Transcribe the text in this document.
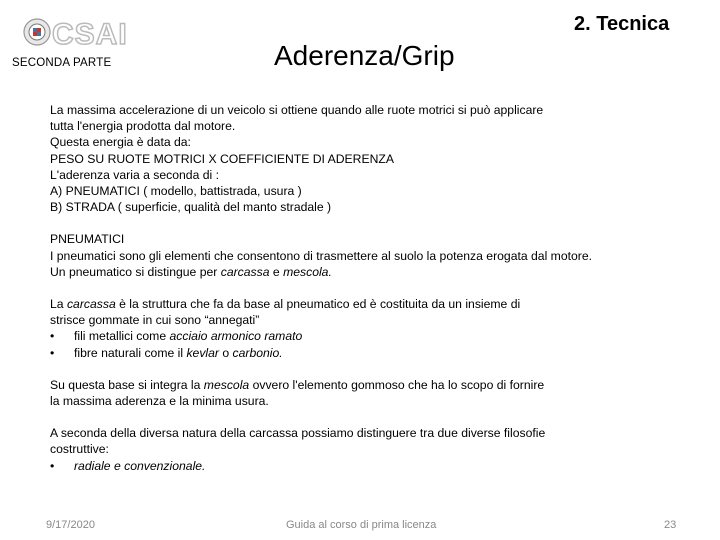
CSAI
SECONDA PARTE	Aderenza/Grip
2. Tecnica
La massima accelerazione di un veicolo si ottiene quando alle ruote motrici si può applicare
tutta l'energia prodotta dal motore.
Questa energia è data da:
PESO SU RUOTE MOTRICI X COEFFICIENTE DI ADERENZA
L'aderenza varia a seconda di :
A) PNEUMATICI ( modello, battistrada, usura )
B) STRADA ( superficie, qualità del manto stradale )
PNEUMATICI
I pneumatici sono gli elementi che consentono di trasmettere al suolo la potenza erogata dal motore.
Un pneumatico si distingue per carcassa e mescola.
La carcassa è la struttura che fa da base al pneumatico ed è costituita da un insieme di
strisce gommate in cui sono “annegati”
• fili metallici come acciaio armonico ramato
• fibre naturali come il kevlar o carbonio.
Su questa base si integra la mescola ovvero l'elemento gommoso che ha lo scopo di fornire
la massima aderenza e la minima usura.
A seconda della diversa natura della carcassa possiamo distinguere tra due diverse filosofie
costruttive:
• radiale e convenzionale.
9/17/2020	Guida al corso di prima licenza	23
